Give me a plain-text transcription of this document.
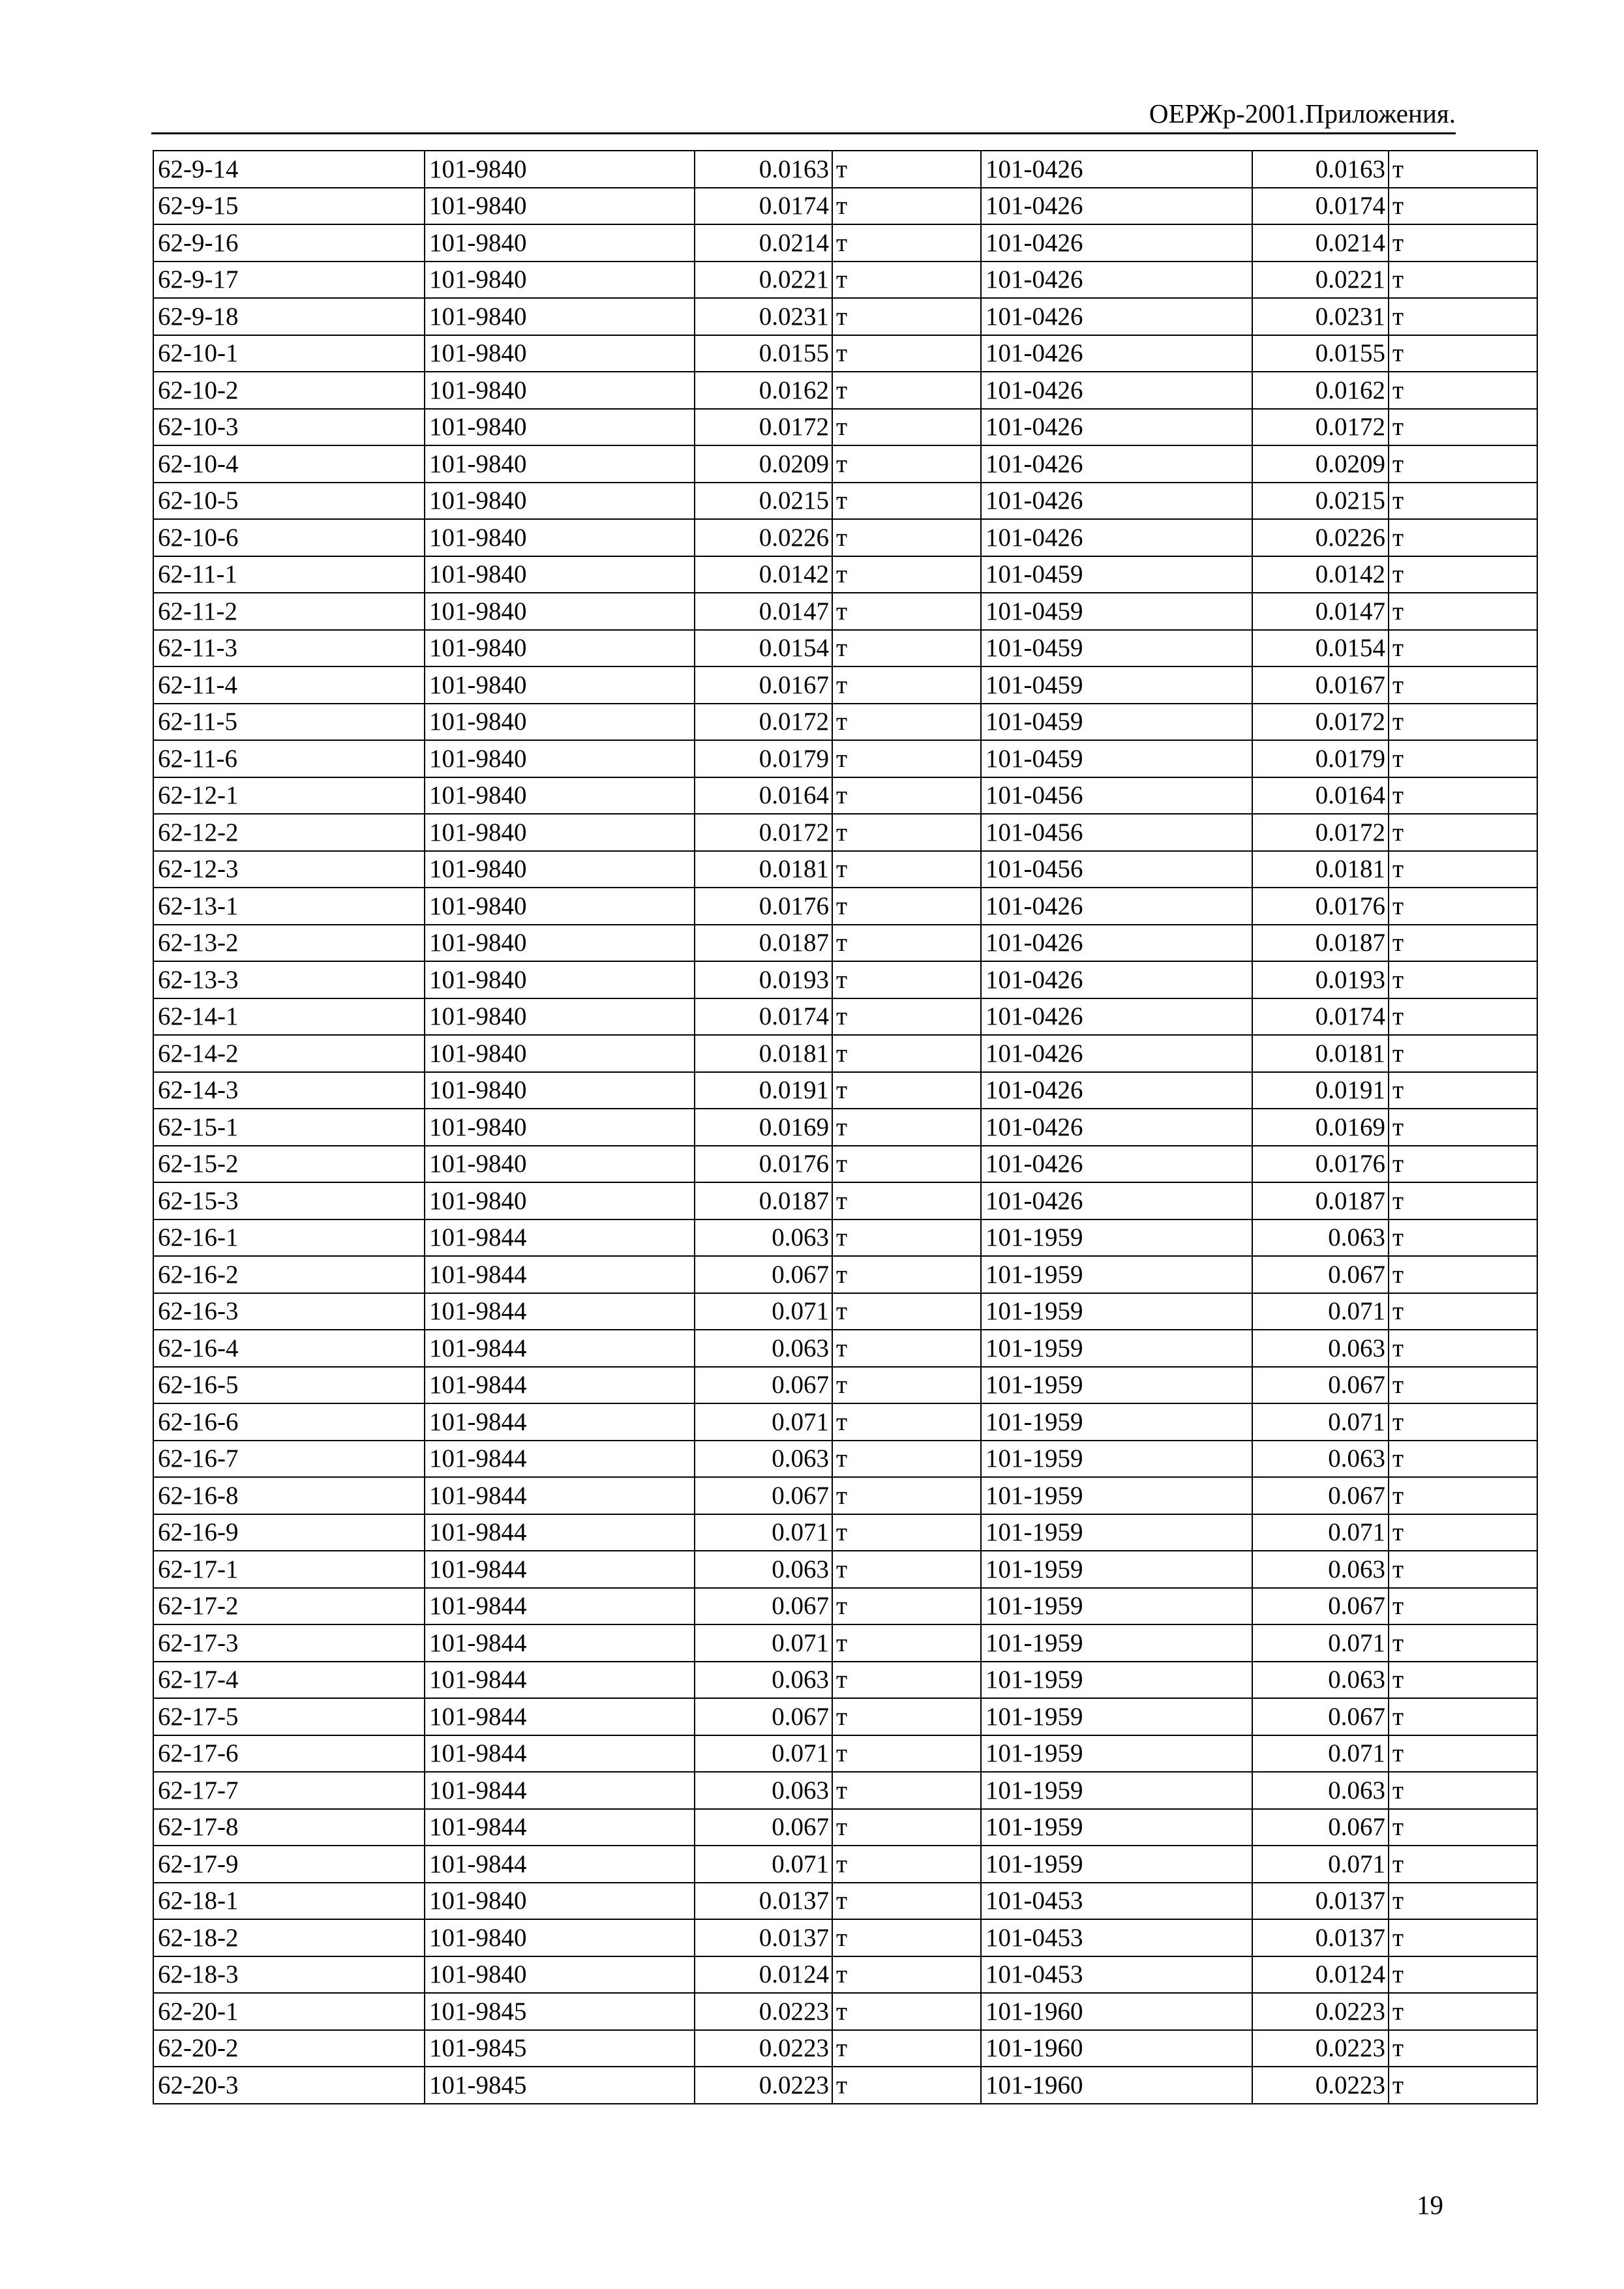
ОЕРЖр-2001.Приложения.
62-9-14	101-9840	0.0163	т	101-0426	0.0163	т
62-9-15	101-9840	0.0174	т	101-0426	0.0174	т
62-9-16	101-9840	0.0214	т	101-0426	0.0214	т
62-9-17	101-9840	0.0221	т	101-0426	0.0221	т
62-9-18	101-9840	0.0231	т	101-0426	0.0231	т
62-10-1	101-9840	0.0155	т	101-0426	0.0155	т
62-10-2	101-9840	0.0162	т	101-0426	0.0162	т
62-10-3	101-9840	0.0172	т	101-0426	0.0172	т
62-10-4	101-9840	0.0209	т	101-0426	0.0209	т
62-10-5	101-9840	0.0215	т	101-0426	0.0215	т
62-10-6	101-9840	0.0226	т	101-0426	0.0226	т
62-11-1	101-9840	0.0142	т	101-0459	0.0142	т
62-11-2	101-9840	0.0147	т	101-0459	0.0147	т
62-11-3	101-9840	0.0154	т	101-0459	0.0154	т
62-11-4	101-9840	0.0167	т	101-0459	0.0167	т
62-11-5	101-9840	0.0172	т	101-0459	0.0172	т
62-11-6	101-9840	0.0179	т	101-0459	0.0179	т
62-12-1	101-9840	0.0164	т	101-0456	0.0164	т
62-12-2	101-9840	0.0172	т	101-0456	0.0172	т
62-12-3	101-9840	0.0181	т	101-0456	0.0181	т
62-13-1	101-9840	0.0176	т	101-0426	0.0176	т
62-13-2	101-9840	0.0187	т	101-0426	0.0187	т
62-13-3	101-9840	0.0193	т	101-0426	0.0193	т
62-14-1	101-9840	0.0174	т	101-0426	0.0174	т
62-14-2	101-9840	0.0181	т	101-0426	0.0181	т
62-14-3	101-9840	0.0191	т	101-0426	0.0191	т
62-15-1	101-9840	0.0169	т	101-0426	0.0169	т
62-15-2	101-9840	0.0176	т	101-0426	0.0176	т
62-15-3	101-9840	0.0187	т	101-0426	0.0187	т
62-16-1	101-9844	0.063	т	101-1959	0.063	т
62-16-2	101-9844	0.067	т	101-1959	0.067	т
62-16-3	101-9844	0.071	т	101-1959	0.071	т
62-16-4	101-9844	0.063	т	101-1959	0.063	т
62-16-5	101-9844	0.067	т	101-1959	0.067	т
62-16-6	101-9844	0.071	т	101-1959	0.071	т
62-16-7	101-9844	0.063	т	101-1959	0.063	т
62-16-8	101-9844	0.067	т	101-1959	0.067	т
62-16-9	101-9844	0.071	т	101-1959	0.071	т
62-17-1	101-9844	0.063	т	101-1959	0.063	т
62-17-2	101-9844	0.067	т	101-1959	0.067	т
62-17-3	101-9844	0.071	т	101-1959	0.071	т
62-17-4	101-9844	0.063	т	101-1959	0.063	т
62-17-5	101-9844	0.067	т	101-1959	0.067	т
62-17-6	101-9844	0.071	т	101-1959	0.071	т
62-17-7	101-9844	0.063	т	101-1959	0.063	т
62-17-8	101-9844	0.067	т	101-1959	0.067	т
62-17-9	101-9844	0.071	т	101-1959	0.071	т
62-18-1	101-9840	0.0137	т	101-0453	0.0137	т
62-18-2	101-9840	0.0137	т	101-0453	0.0137	т
62-18-3	101-9840	0.0124	т	101-0453	0.0124	т
62-20-1	101-9845	0.0223	т	101-1960	0.0223	т
62-20-2	101-9845	0.0223	т	101-1960	0.0223	т
62-20-3	101-9845	0.0223	т	101-1960	0.0223	т
19
